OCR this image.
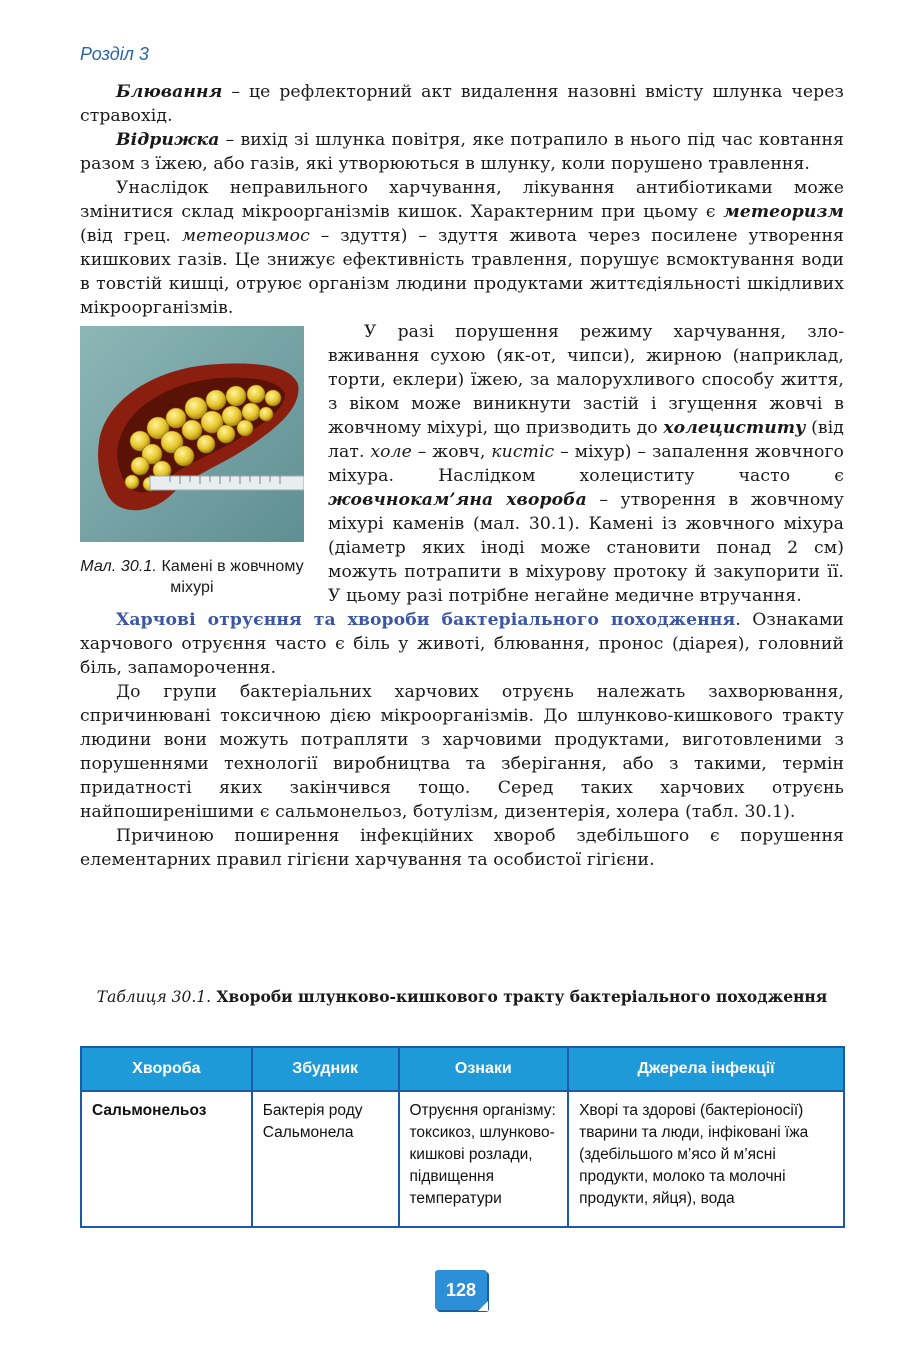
Розділ 3

Блювання – це рефлекторний акт видалення назовні вмісту шлунка через стравохід.

Відрижка – вихід зі шлунка повітря, яке потрапило в нього під час ковтання разом з їжею, або газів, які утворюються в шлунку, коли порушено травлення.

Унаслідок неправильного харчування, лікування антибіотиками може змінитися склад мікроорганізмів кишок. Характерним при цьому є метеоризм (від грец. метеоризмос – здуття) – здуття живота через посилене утворення кишкових газів. Це знижує ефективність травлення, порушує всмоктування води в товстій кишці, отруює організм людини продуктами життєдіяльності шкідливих мікроорганізмів.

Мал. 30.1. Камені в жовчному міхурі

У разі порушення режиму харчування, зловживання сухою (як-от, чипси), жирною (наприклад, торти, еклери) їжею, за малорухливого способу життя, з віком може виникнути застій і згущення жовчі в жовчному міхурі, що призводить до холециститу (від лат. холе – жовч, кистіс – міхур) – запалення жовчного міхура. Наслідком холециститу часто є жовчнокам’яна хвороба – утворення в жовчному міхурі каменів (мал. 30.1). Камені із жовчного міхура (діаметр яких іноді може становити понад 2 см) можуть потрапити в міхурову протоку й закупорити її. У цьому разі потрібне негайне медичне втручання.

Харчові отруєння та хвороби бактеріального походження. Ознаками харчового отруєння часто є біль у животі, блювання, пронос (діарея), головний біль, запаморочення.

До групи бактеріальних харчових отруєнь належать захворювання, спричинювані токсичною дією мікроорганізмів. До шлунково-кишкового тракту людини вони можуть потрапляти з харчовими продуктами, виготовленими з порушеннями технології виробництва та зберігання, або з такими, термін придатності яких закінчився тощо. Серед таких харчових отруєнь найпоширенішими є сальмонельоз, ботулізм, дизентерія, холера (табл. 30.1).

Причиною поширення інфекційних хвороб здебільшого є порушення елементарних правил гігієни харчування та особистої гігієни.

Таблиця 30.1. Хвороби шлунково-кишкового тракту бактеріального походження
Хвороба	Збудник	Ознаки	Джерела інфекції
Сальмонельоз	Бактерія роду Сальмонела	Отруєння організму: токсикоз, шлунково-кишкові розлади, підвищення температури	Хворі та здорові (бактеріоносії) тварини та люди, інфіковані їжа (здебільшого м’ясо й м’ясні продукти, молоко та молочні продукти, яйця), вода
128
